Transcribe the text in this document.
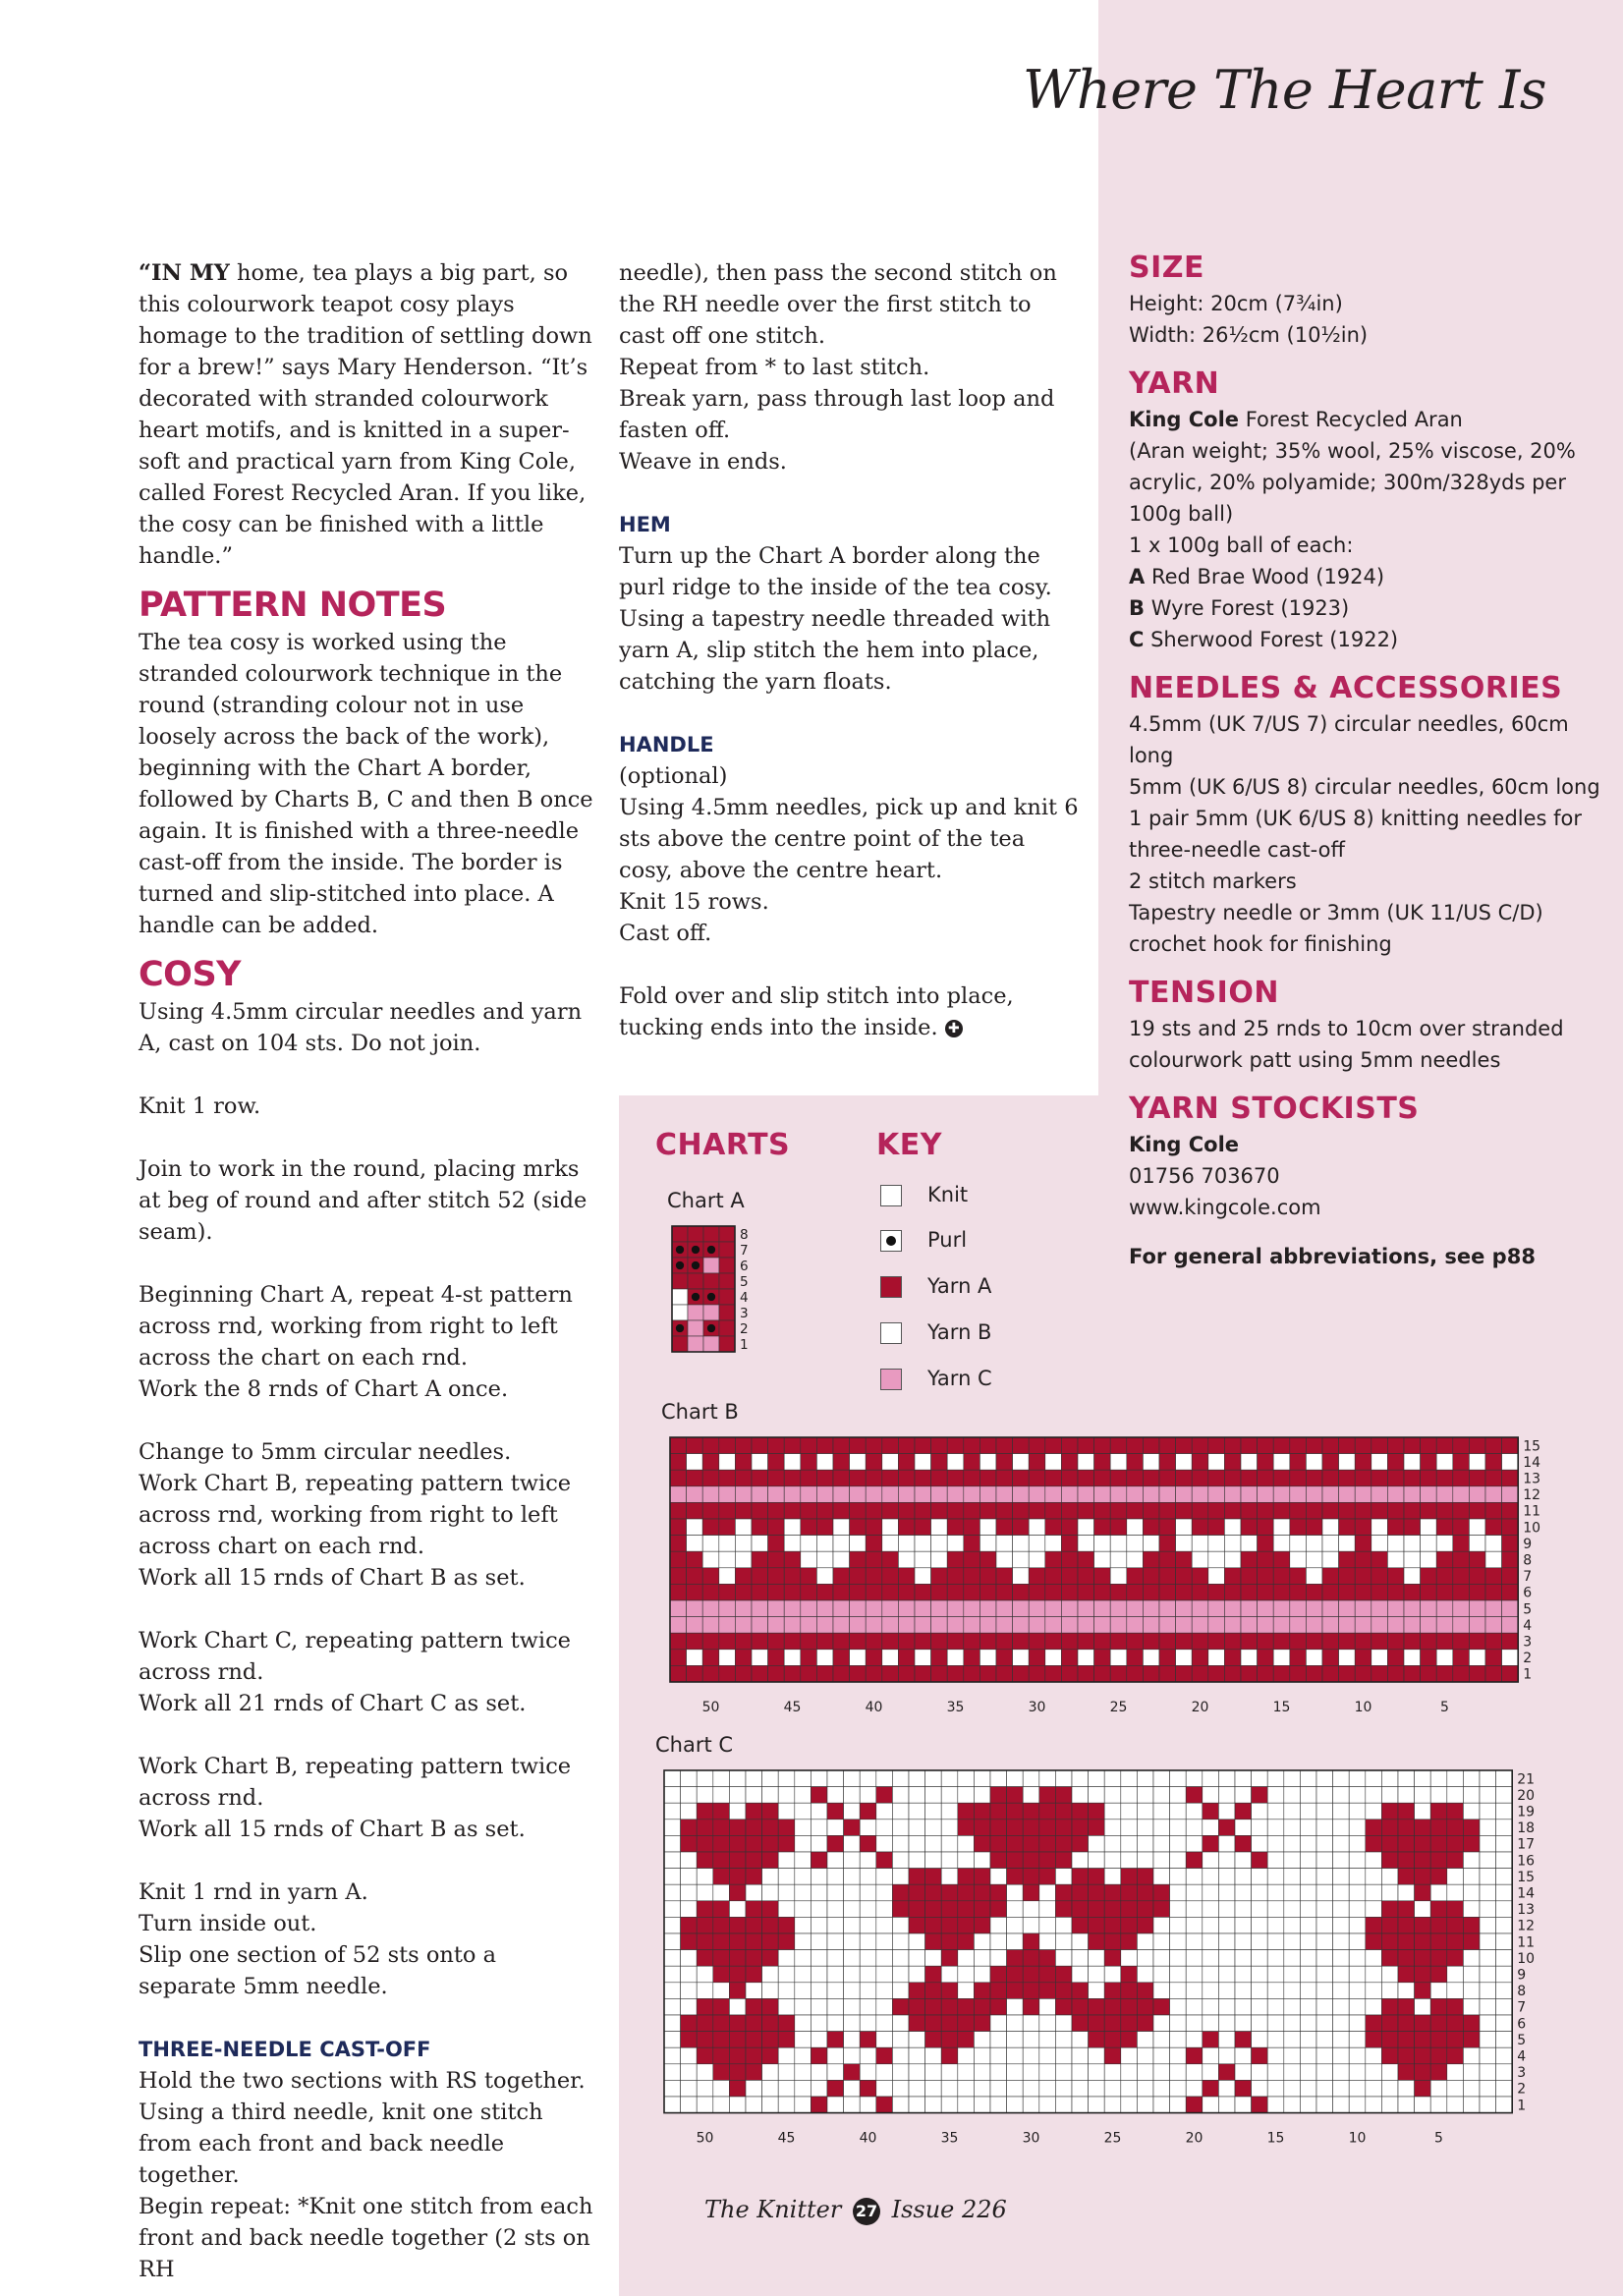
Where The Heart Is

“IN MY home, tea plays a big part, so this colourwork teapot cosy plays homage to the tradition of settling down for a brew!” says Mary Henderson. “It’s decorated with stranded colourwork heart motifs, and is knitted in a super-soft and practical yarn from King Cole, called Forest Recycled Aran. If you like, the cosy can be finished with a little handle.”

PATTERN NOTES

The tea cosy is worked using the stranded colourwork technique in the round (stranding colour not in use loosely across the back of the work), beginning with the Chart A border, followed by Charts B, C and then B once again. It is finished with a three-needle cast-off from the inside. The border is turned and slip-stitched into place. A handle can be added.

COSY

Using 4.5mm circular needles and yarn A, cast on 104 sts. Do not join.

Knit 1 row.

Join to work in the round, placing mrks at beg of round and after stitch 52 (side seam).

Beginning Chart A, repeat 4-st pattern across rnd, working from right to left across the chart on each rnd.

Work the 8 rnds of Chart A once.

Change to 5mm circular needles.

Work Chart B, repeating pattern twice across rnd, working from right to left across chart on each rnd.

Work all 15 rnds of Chart B as set.

Work Chart C, repeating pattern twice across rnd.

Work all 21 rnds of Chart C as set.

Work Chart B, repeating pattern twice across rnd.

Work all 15 rnds of Chart B as set.

Knit 1 rnd in yarn A.

Turn inside out.

Slip one section of 52 sts onto a separate 5mm needle.

THREE-NEEDLE CAST-OFF

Hold the two sections with RS together.

Using a third needle, knit one stitch from each front and back needle together.

Begin repeat: *Knit one stitch from each front and back needle together (2 sts on RH

needle), then pass the second stitch on the RH needle over the first stitch to cast off one stitch.

Repeat from * to last stitch.

Break yarn, pass through last loop and fasten off.

Weave in ends.

HEM

Turn up the Chart A border along the purl ridge to the inside of the tea cosy.

Using a tapestry needle threaded with yarn A, slip stitch the hem into place, catching the yarn floats.

HANDLE

(optional)

Using 4.5mm needles, pick up and knit 6 sts above the centre point of the tea cosy, above the centre heart.

Knit 15 rows.

Cast off.

Fold over and slip stitch into place, tucking ends into the inside. ✚

SIZE

Height: 20cm (7¾in)

Width: 26½cm (10½in)

YARN

King Cole Forest Recycled Aran

(Aran weight; 35% wool, 25% viscose, 20% acrylic, 20% polyamide; 300m/328yds per 100g ball)

1 x 100g ball of each:

A Red Brae Wood (1924)

B Wyre Forest (1923)

C Sherwood Forest (1922)

NEEDLES & ACCESSORIES

4.5mm (UK 7/US 7) circular needles, 60cm long

5mm (UK 6/US 8) circular needles, 60cm long

1 pair 5mm (UK 6/US 8) knitting needles for three-needle cast-off

2 stitch markers

Tapestry needle or 3mm (UK 11/US C/D) crochet hook for finishing

TENSION

19 sts and 25 rnds to 10cm over stranded colourwork patt using 5mm needles

YARN STOCKISTS

King Cole

01756 703670

www.kingcole.com

For general abbreviations, see p88

CHARTS	KEY
Knit
Purl
Yarn A
Yarn B
Yarn C
Chart A
Chart B
Chart C
8
7
6
5
4
3
2
1
15
14
13
12
11
10
9
8
7
6
5
4
3
2
1
50	45	40	35	30	25	20	15	10	5
21
20
19
18
17
16
15
14
13
12
11
10
9
8
7
6
5
4
3
2
1
50	45	40	35	30	25	20	15	10	5
The Knitter 27 Issue 226
